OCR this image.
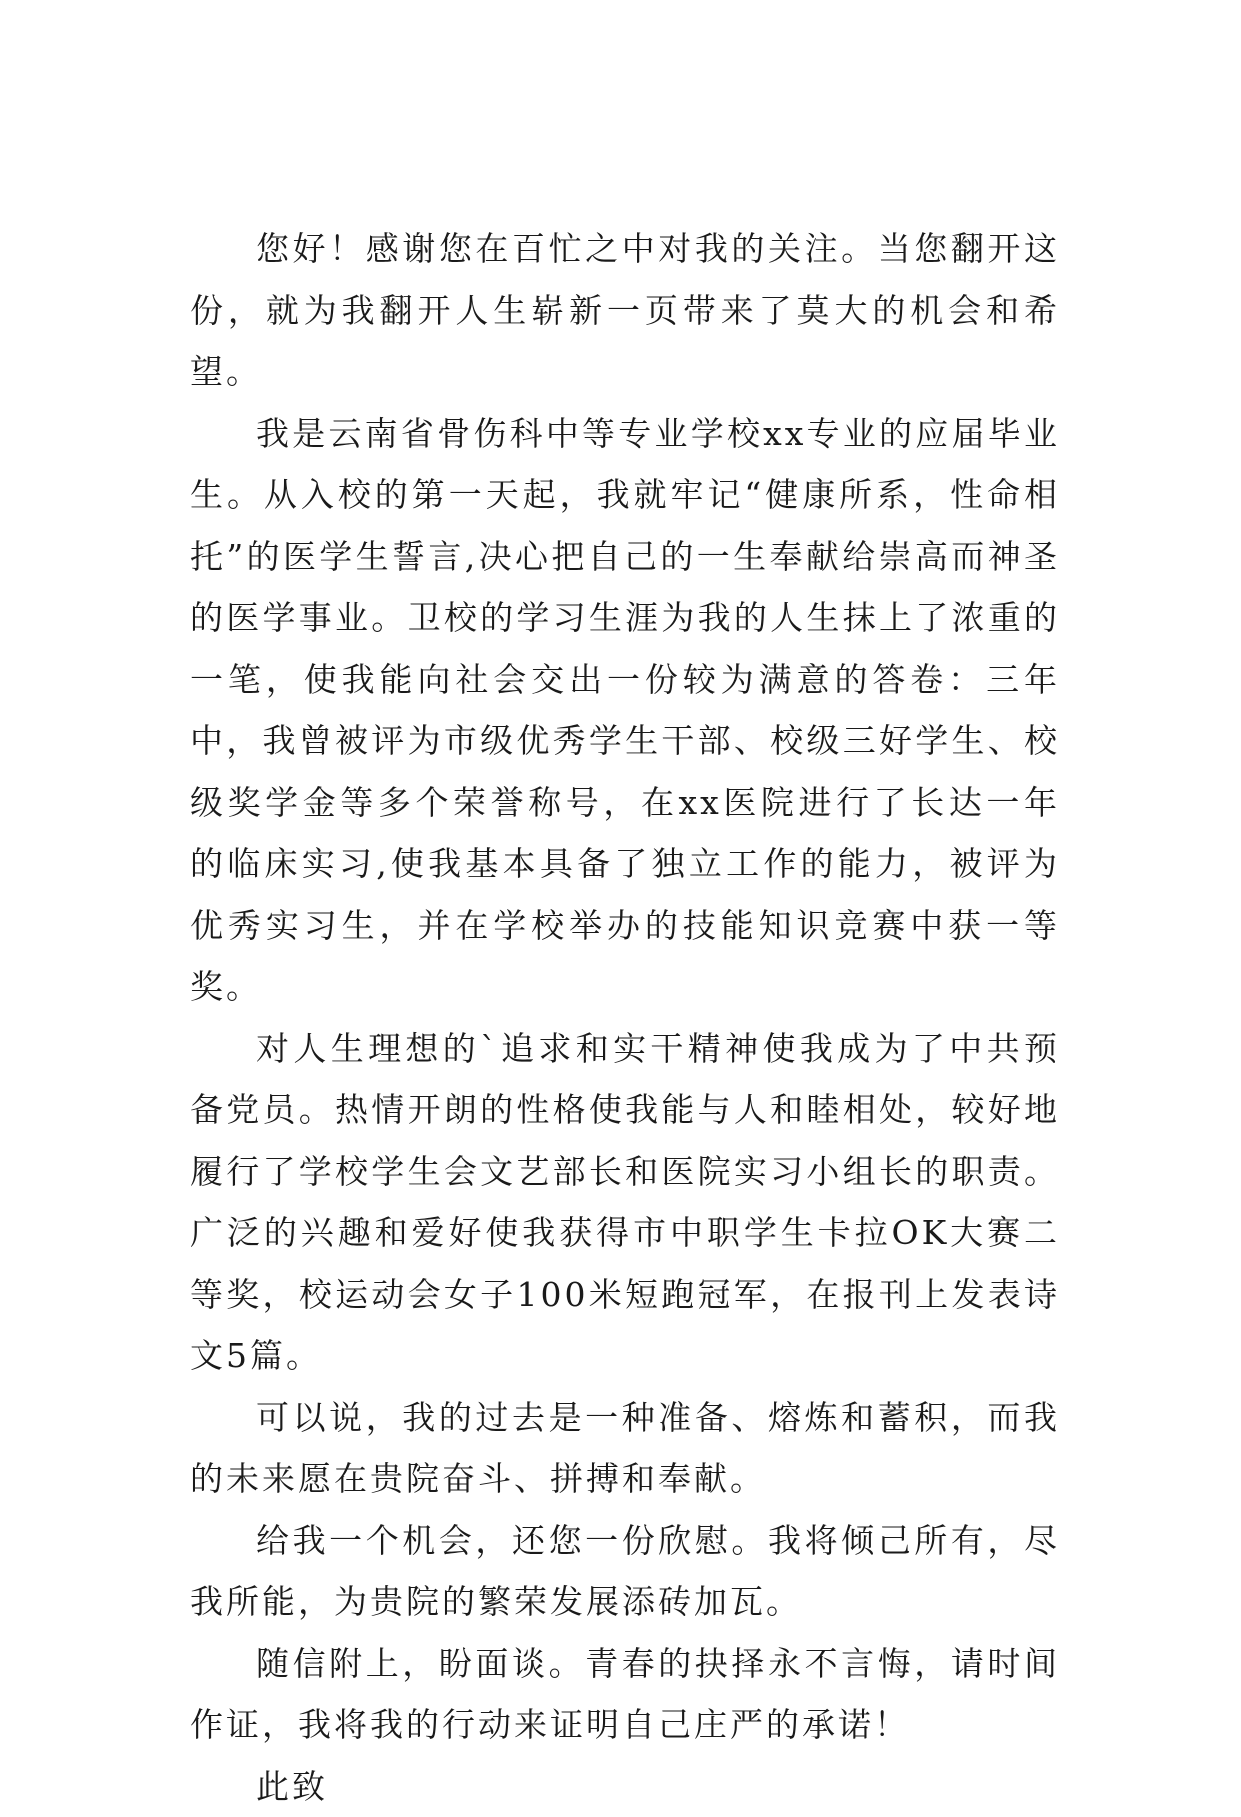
您好！感谢您在百忙之中对我的关注。当您翻开这份，就为我翻开人生崭新一页带来了莫大的机会和希望。

我是云南省骨伤科中等专业学校xx专业的应届毕业生。从入校的第一天起，我就牢记“健康所系，性命相托”的医学生誓言,决心把自己的一生奉献给崇高而神圣的医学事业。卫校的学习生涯为我的人生抹上了浓重的一笔，使我能向社会交出一份较为满意的答卷：三年中，我曾被评为市级优秀学生干部、校级三好学生、校级奖学金等多个荣誉称号，在xx医院进行了长达一年的临床实习,使我基本具备了独立工作的能力，被评为优秀实习生，并在学校举办的技能知识竞赛中获一等奖。

对人生理想的`追求和实干精神使我成为了中共预备党员。热情开朗的性格使我能与人和睦相处，较好地履行了学校学生会文艺部长和医院实习小组长的职责。广泛的兴趣和爱好使我获得市中职学生卡拉OK大赛二等奖，校运动会女子100米短跑冠军，在报刊上发表诗文5篇。

可以说，我的过去是一种准备、熔炼和蓄积，而我的未来愿在贵院奋斗、拼搏和奉献。

给我一个机会，还您一份欣慰。我将倾己所有，尽我所能，为贵院的繁荣发展添砖加瓦。

随信附上，盼面谈。青春的抉择永不言悔，请时间作证，我将我的行动来证明自己庄严的承诺！

此致
